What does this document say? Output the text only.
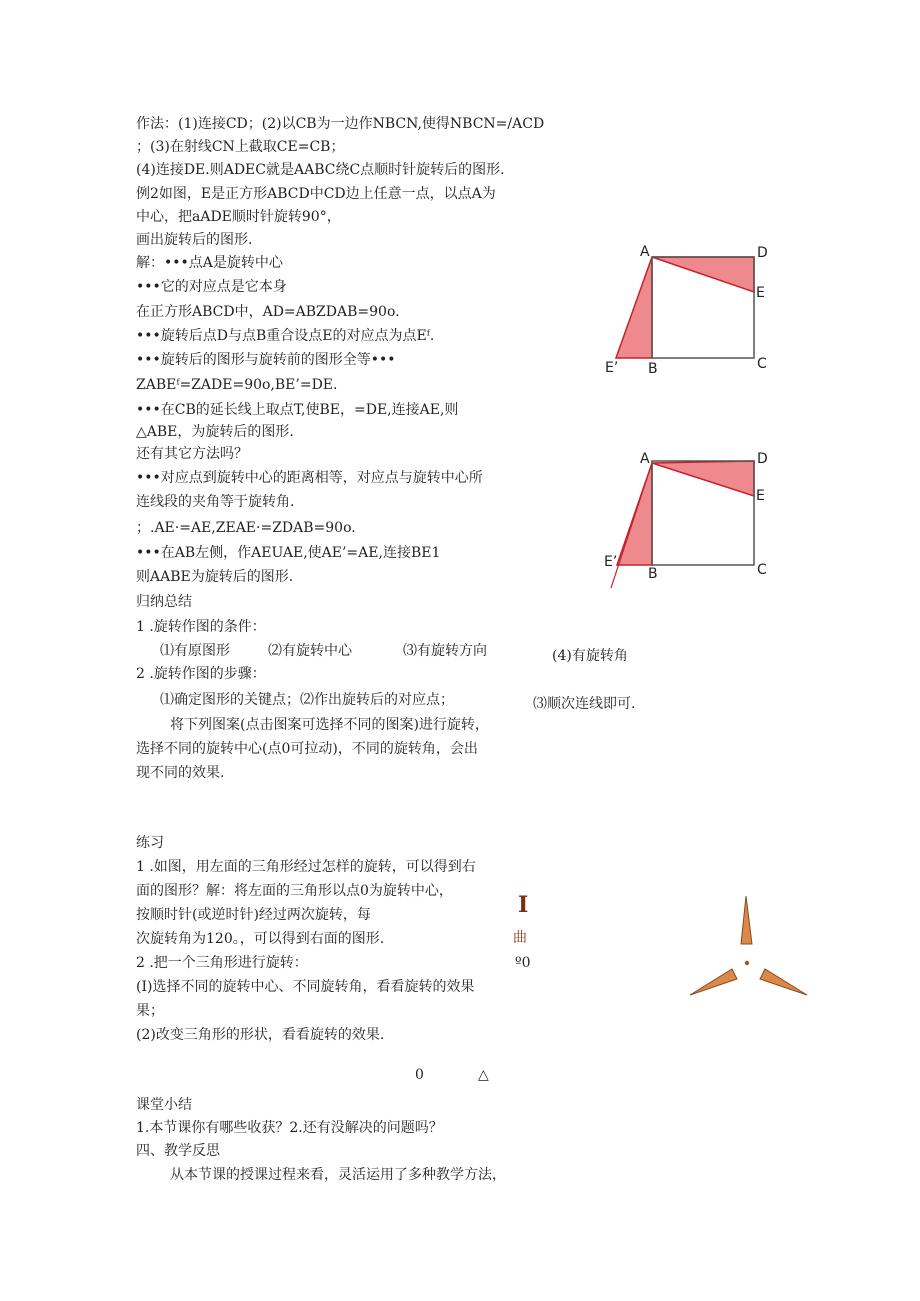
作法：(1)连接CD；(2)以CB为一边作NBCN,使得NBCN=/ACD
；(3)在射线CN上截取CE=CB；
(4)连接DE.则ADEC就是AABC绕C点顺时针旋转后的图形.
例2如图，E是正方形ABCD中CD边上任意一点，以点A为
中心，把aADE顺时针旋转90°，
画出旋转后的图形.
解：•••点A是旋转中心
•••它的对应点是它本身
在正方形ABCD中，AD=ABZDAB=90o.
•••旋转后点D与点B重合设点E的对应点为点Eᶠ.
•••旋转后的图形与旋转前的图形全等•••
ZABEᶠ=ZADE=90o,BE’=DE.
•••在CB的延长线上取点T,使BE，=DE,连接AE,则
△ABE，为旋转后的图形.
还有其它方法吗？
•••对应点到旋转中心的距离相等，对应点与旋转中心所
连线段的夹角等于旋转角.
；.AE·=AE,ZEAE·=ZDAB=90o.
•••在AB左侧，作AEUAE,使AE’=AE,连接BE1
则AABE为旋转后的图形.
归纳总结
1 .旋转作图的条件：
⑴有原图形	⑵有旋转中心	⑶有旋转方向	(4)有旋转角
2 .旋转作图的步骤：
⑴确定图形的关键点；⑵作出旋转后的对应点；	⑶顺次连线即可.
将下列图案(点击图案可选择不同的图案)进行旋转，
选择不同的旋转中心(点0可拉动)，不同的旋转角，会出
现不同的效果.
练习
1 .如图，用左面的三角形经过怎样的旋转，可以得到右
面的图形？解：将左面的三角形以点0为旋转中心，
按顺时针(或逆时针)经过两次旋转，每
次旋转角为120。，可以得到右面的图形.
2 .把一个三角形进行旋转：
(I)选择不同的旋转中心、不同旋转角，看看旋转的效果
果；
(2)改变三角形的形状，看看旋转的效果.
I
曲
º0
0	△
课堂小结
1.本节课你有哪些收获？2.还有没解决的问题吗？
四、教学反思
从本节课的授课过程来看，灵活运用了多种教学方法，
A	D
E
C
B
E’
A	D
E
C
B
E’
